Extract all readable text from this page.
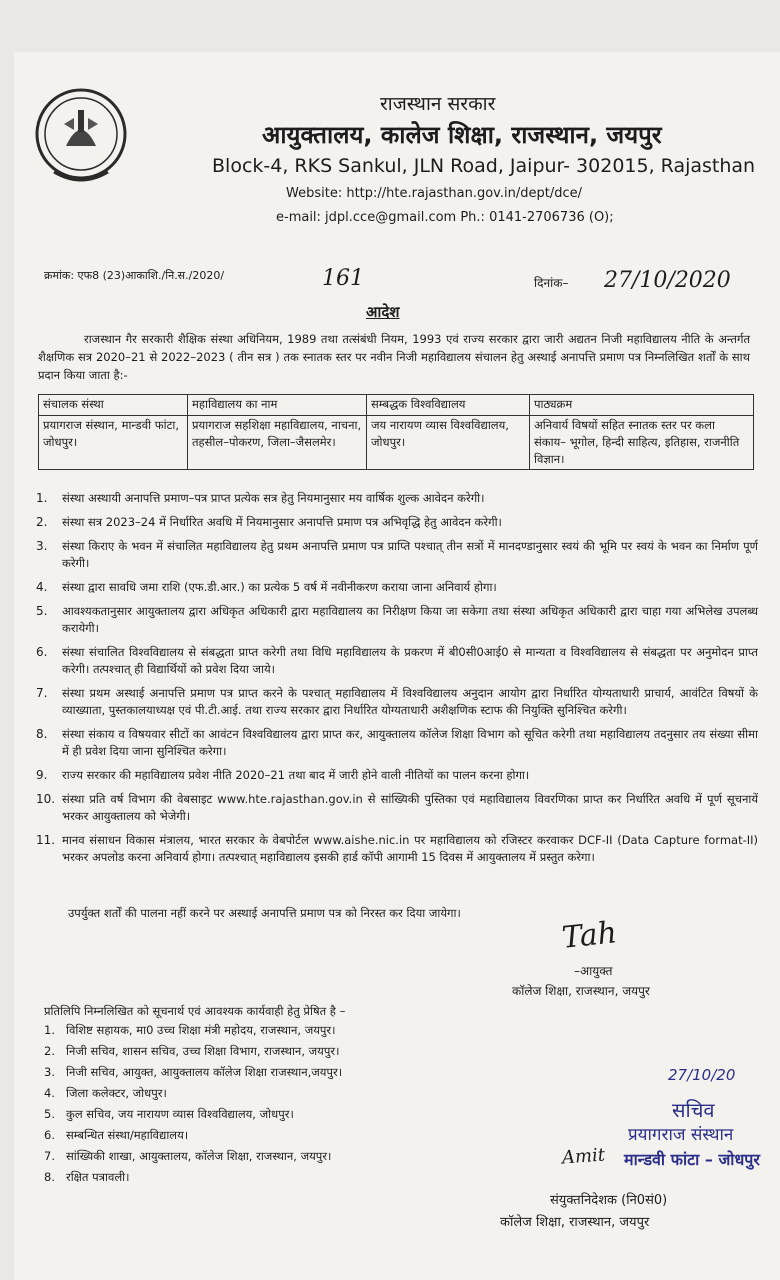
राजस्थान सरकार
आयुक्तालय, कालेज शिक्षा, राजस्थान, जयपुर
Block-4, RKS Sankul, JLN Road, Jaipur- 302015, Rajasthan
Website: http://hte.rajasthan.gov.in/dept/dce/
e-mail: jdpl.cce@gmail.com Ph.: 0141-2706736 (O);
क्रमांक: एफ8 (23)आकाशि./नि.स./2020/	161	दिनांक– 27/10/2020
आदेश
राजस्थान गैर सरकारी शैक्षिक संस्था अधिनियम, 1989 तथा तत्संबंधी नियम, 1993 एवं राज्य सरकार द्वारा जारी अद्यतन निजी महाविद्यालय नीति के अन्तर्गत शैक्षणिक सत्र 2020–21 से 2022–2023 ( तीन सत्र ) तक स्नातक स्तर पर नवीन निजी महाविद्यालय संचालन हेतु अस्थाई अनापत्ति प्रमाण पत्र निम्नलिखित शर्तों के साथ प्रदान किया जाता है:-
संचालक संस्था	महाविद्यालय का नाम	सम्बद्धक विश्वविद्यालय	पाठ्यक्रम
प्रयागराज संस्थान, मान्डवी फांटा, जोधपुर।	प्रयागराज सहशिक्षा महाविद्यालय, नाचना, तहसील–पोकरण, जिला–जैसलमेर।	जय नारायण व्यास विश्वविद्यालय, जोधपुर।	अनिवार्य विषयों सहित स्नातक स्तर पर कला संकाय– भूगोल, हिन्दी साहित्य, इतिहास, राजनीति विज्ञान।
1. संस्था अस्थायी अनापत्ति प्रमाण–पत्र प्राप्त प्रत्येक सत्र हेतु नियमानुसार मय वार्षिक शुल्क आवेदन करेगी।
2. संस्था सत्र 2023–24 में निर्धारित अवधि में नियमानुसार अनापत्ति प्रमाण पत्र अभिवृद्धि हेतु आवेदन करेगी।
3. संस्था किराए के भवन में संचालित महाविद्यालय हेतु प्रथम अनापत्ति प्रमाण पत्र प्राप्ति पश्चात् तीन सत्रों में मानदण्डानुसार स्वयं की भूमि पर स्वयं के भवन का निर्माण पूर्ण करेगी।
4. संस्था द्वारा सावधि जमा राशि (एफ.डी.आर.) का प्रत्येक 5 वर्ष में नवीनीकरण कराया जाना अनिवार्य होगा।
5. आवश्यकतानुसार आयुक्तालय द्वारा अधिकृत अधिकारी द्वारा महाविद्यालय का निरीक्षण किया जा सकेगा तथा संस्था अधिकृत अधिकारी द्वारा चाहा गया अभिलेख उपलब्ध करायेगी।
6. संस्था संचालित विश्वविद्यालय से संबद्धता प्राप्त करेगी तथा विधि महाविद्यालय के प्रकरण में बी0सी0आई0 से मान्यता व विश्वविद्यालय से संबद्धता पर अनुमोदन प्राप्त करेगी। तत्पश्चात् ही विद्यार्थियों को प्रवेश दिया जाये।
7. संस्था प्रथम अस्थाई अनापत्ति प्रमाण पत्र प्राप्त करने के पश्चात् महाविद्यालय में विश्वविद्यालय अनुदान आयोग द्वारा निर्धारित योग्यताधारी प्राचार्य, आवंटित विषयों के व्याख्याता, पुस्तकालयाध्यक्ष एवं पी.टी.आई. तथा राज्य सरकार द्वारा निर्धारित योग्यताधारी अशैक्षणिक स्टाफ की नियुक्ति सुनिश्चित करेगी।
8. संस्था संकाय व विषयवार सीटों का आवंटन विश्वविद्यालय द्वारा प्राप्त कर, आयुक्तालय कॉलेज शिक्षा विभाग को सूचित करेगी तथा महाविद्यालय तदनुसार तय संख्या सीमा में ही प्रवेश दिया जाना सुनिश्चित करेगा।
9. राज्य सरकार की महाविद्यालय प्रवेश नीति 2020–21 तथा बाद में जारी होने वाली नीतियों का पालन करना होगा।
10. संस्था प्रति वर्ष विभाग की वेबसाइट www.hte.rajasthan.gov.in से सांख्यिकी पुस्तिका एवं महाविद्यालय विवरणिका प्राप्त कर निर्धारित अवधि में पूर्ण सूचनायें भरकर आयुक्तालय को भेजेगी।
11. मानव संसाधन विकास मंत्रालय, भारत सरकार के वेबपोर्टल www.aishe.nic.in पर महाविद्यालय को रजिस्टर करवाकर DCF-II (Data Capture format-II) भरकर अपलोड करना अनिवार्य होगा। तत्पश्चात् महाविद्यालय इसकी हार्ड कॉपी आगामी 15 दिवस में आयुक्तालय में प्रस्तुत करेगा।
उपर्युक्त शर्तों की पालना नहीं करने पर अस्थाई अनापत्ति प्रमाण पत्र को निरस्त कर दिया जायेगा।
Tah
–आयुक्त
कॉलेज शिक्षा, राजस्थान, जयपुर
प्रतिलिपि निम्नलिखित को सूचनार्थ एवं आवश्यक कार्यवाही हेतु प्रेषित है –
1. विशिष्ट सहायक, मा0 उच्च शिक्षा मंत्री महोदय, राजस्थान, जयपुर।
2. निजी सचिव, शासन सचिव, उच्च शिक्षा विभाग, राजस्थान, जयपुर।
3. निजी सचिव, आयुक्त, आयुक्तालय कॉलेज शिक्षा राजस्थान,जयपुर।
4. जिला कलेक्टर, जोधपुर।
5. कुल सचिव, जय नारायण व्यास विश्वविद्यालय, जोधपुर।
6. सम्बन्धित संस्था/महाविद्यालय।
7. सांख्यिकी शाखा, आयुक्तालय, कॉलेज शिक्षा, राजस्थान, जयपुर।
8. रक्षित पत्रावली।
27/10/20
सचिव
प्रयागराज संस्थान
मान्डवी फांटा – जोधपुर
Amit
संयुक्तनिदेशक (नि0सं0)
कॉलेज शिक्षा, राजस्थान, जयपुर
